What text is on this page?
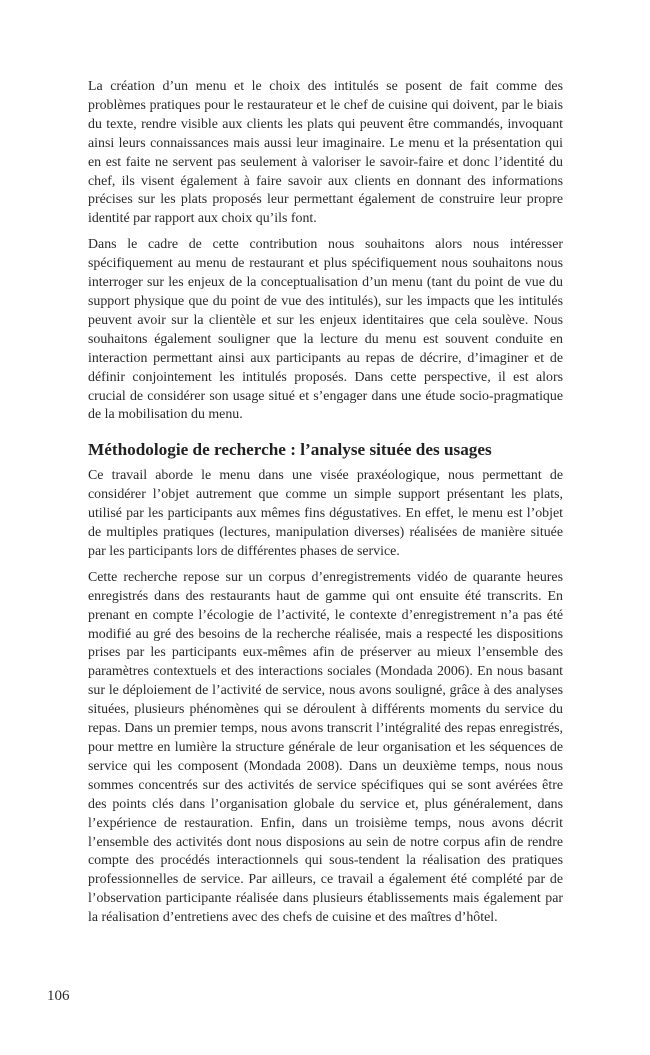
La création d’un menu et le choix des intitulés se posent de fait comme des problèmes pratiques pour le restaurateur et le chef de cuisine qui doivent, par le biais du texte, rendre visible aux clients les plats qui peuvent être commandés, invoquant ainsi leurs connaissances mais aussi leur imaginaire. Le menu et la présentation qui en est faite ne servent pas seulement à valoriser le savoir-faire et donc l’identité du chef, ils visent également à faire savoir aux clients en donnant des informations précises sur les plats proposés leur permettant également de construire leur propre identité par rapport aux choix qu’ils font.

Dans le cadre de cette contribution nous souhaitons alors nous intéresser spécifiquement au menu de restaurant et plus spécifiquement nous souhaitons nous interroger sur les enjeux de la conceptualisation d’un menu (tant du point de vue du support physique que du point de vue des intitulés), sur les impacts que les intitulés peuvent avoir sur la clientèle et sur les enjeux identitaires que cela soulève. Nous souhaitons également souligner que la lecture du menu est souvent conduite en interaction permettant ainsi aux participants au repas de décrire, d’imaginer et de définir conjointement les intitulés proposés. Dans cette perspective, il est alors crucial de considérer son usage situé et s’engager dans une étude socio-pragmatique de la mobilisation du menu.

Méthodologie de recherche : l’analyse située des usages

Ce travail aborde le menu dans une visée praxéologique, nous permettant de considérer l’objet autrement que comme un simple support présentant les plats, utilisé par les participants aux mêmes fins dégustatives. En effet, le menu est l’objet de multiples pratiques (lectures, manipulation diverses) réalisées de manière située par les participants lors de différentes phases de service.

Cette recherche repose sur un corpus d’enregistrements vidéo de quarante heures enregistrés dans des restaurants haut de gamme qui ont ensuite été transcrits. En prenant en compte l’écologie de l’activité, le contexte d’enregistrement n’a pas été modifié au gré des besoins de la recherche réalisée, mais a respecté les dispositions prises par les participants eux-mêmes afin de préserver au mieux l’ensemble des paramètres contextuels et des interactions sociales (Mondada 2006). En nous basant sur le déploiement de l’activité de service, nous avons souligné, grâce à des analyses situées, plusieurs phénomènes qui se déroulent à différents moments du service du repas. Dans un premier temps, nous avons transcrit l’intégralité des repas enregistrés, pour mettre en lumière la structure générale de leur organisation et les séquences de service qui les composent (Mondada 2008). Dans un deuxième temps, nous nous sommes concentrés sur des activités de service spécifiques qui se sont avérées être des points clés dans l’organisation globale du service et, plus généralement, dans l’expérience de restauration. Enfin, dans un troisième temps, nous avons décrit l’ensemble des activités dont nous disposions au sein de notre corpus afin de rendre compte des procédés interactionnels qui sous-tendent la réalisation des pratiques professionnelles de service. Par ailleurs, ce travail a également été complété par de l’observation participante réalisée dans plusieurs établissements mais également par la réalisation d’entretiens avec des chefs de cuisine et des maîtres d’hôtel.

106
